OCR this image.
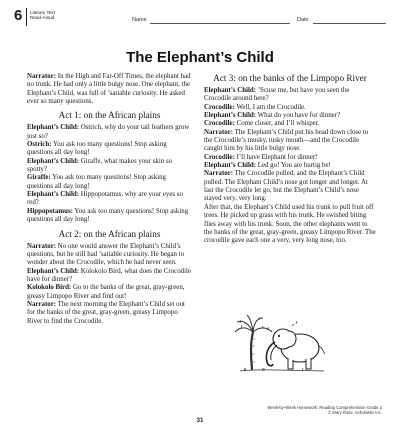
6	Literary Text
Read-Aloud	Name	Date
The Elephant’s Child

Narrator: In the High and Far-Off Times, the elephant had no trunk. He had only a little bulgy nose. One elephant, the Elephant’s Child, was full of ’satiable curiosity. He asked ever so many questions.

Act 1: on the African plains

Elephant’s Child: Ostrich, why do your tail feathers grow just so?

Ostrich: You ask too many questions! Stop asking questions all day long!

Elephant’s Child: Giraffe, what makes your skin so spotty?

Giraffe: You ask too many questions! Stop asking questions all day long!

Elephant’s Child: Hippopotamus, why are your eyes so red?

Hippopotamus: You ask too many questions! Stop asking questions all day long!

Act 2: on the African plains

Narrator: No one would answer the Elephant’s Child’s questions, but he still had ’satiable curiosity. He began to wonder about the Crocodile, which he had never seen.

Elephant’s Child: Kolokolo Bird, what does the Crocodile have for dinner?

Kolokolo Bird: Go to the banks of the great, gray-green, greasy Limpopo River and find out!

Narrator: The next morning the Elephant’s Child set out for the banks of the great, gray-green, greasy Limpopo River to find the Crocodile.

Act 3: on the banks of the Limpopo River

Elephant’s Child: ’Scuse me, but have you seen the Crocodile around here?

Crocodile: Well, I am the Crocodile.

Elephant’s Child: What do you have for dinner?

Crocodile: Come closer, and I’ll whisper.

Narrator: The Elephant’s Child put his head down close to the Crocodile’s musky, tusky mouth—and the Crocodile caught him by his little bulgy nose.

Crocodile: I’ll have Elephant for dinner!

Elephant’s Child: Led go! You are hurtig be!

Narrator: The Crocodile pulled, and the Elephant’s Child pulled. The Elephant Child’s nose got longer and longer. At last the Crocodile let go, but the Elephant’s Child’s nose stayed very, very long.
After that, the Elephant’s Child used his trunk to pull fruit off trees. He picked up grass with his trunk. He swished biting flies away with his trunk. Soon, the other elephants went to the banks of the great, gray-green, greasy Limpopo River. The crocodile gave each one a very, very long nose, too.

Week-by-Week Homework: Reading Comprehension Grade 3
© Mary Rose, Scholastic Inc.
31
